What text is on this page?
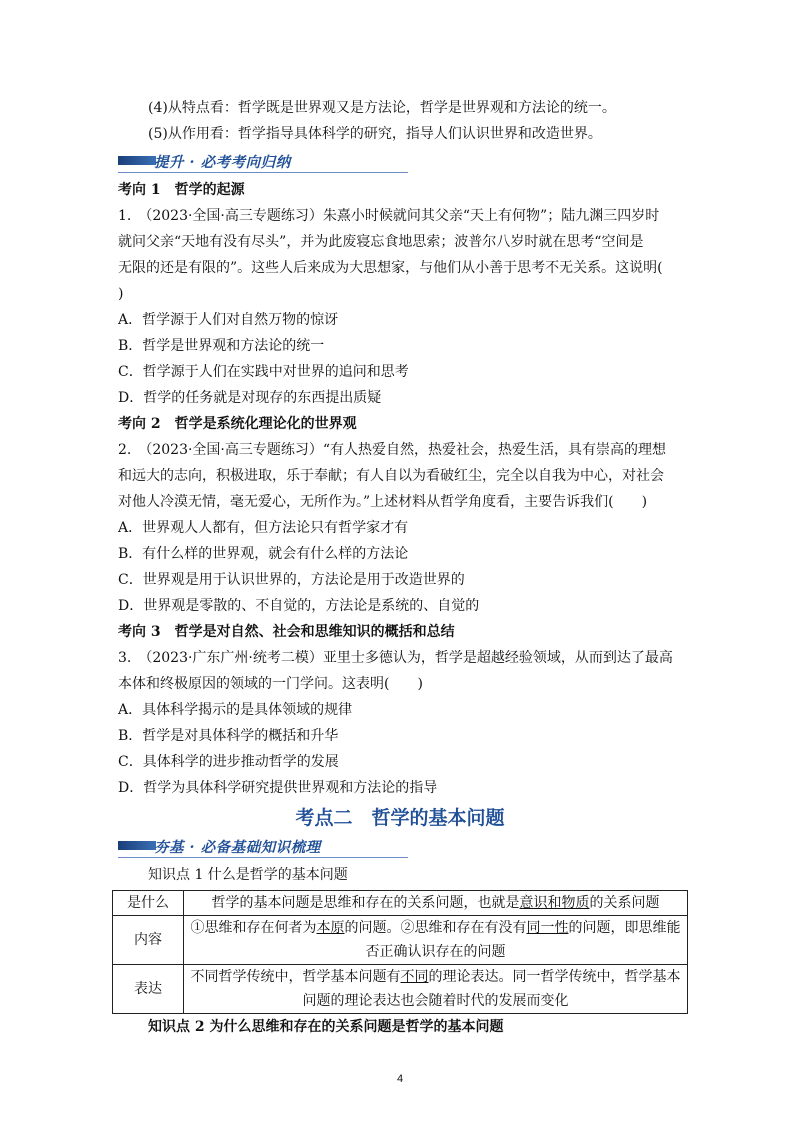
(4)从特点看：哲学既是世界观又是方法论，哲学是世界观和方法论的统一。
(5)从作用看：哲学指导具体科学的研究，指导人们认识世界和改造世界。
提升 · 必考考向归纳
考向 1　哲学的起源
1.　（2023·全国·高三专题练习）朱熹小时候就问其父亲“天上有何物”；陆九渊三四岁时
就问父亲“天地有没有尽头”，并为此废寝忘食地思索；波普尔八岁时就在思考“空间是
无限的还是有限的”。这些人后来成为大思想家，与他们从小善于思考不无关系。这说明(
)
A．哲学源于人们对自然万物的惊讶
B．哲学是世界观和方法论的统一
C．哲学源于人们在实践中对世界的追问和思考
D．哲学的任务就是对现存的东西提出质疑
考向 2　哲学是系统化理论化的世界观
2.　（2023·全国·高三专题练习）“有人热爱自然，热爱社会，热爱生活，具有崇高的理想
和远大的志向，积极进取，乐于奉献；有人自以为看破红尘，完全以自我为中心，对社会
对他人冷漠无情，毫无爱心，无所作为。”上述材料从哲学角度看，主要告诉我们(　　)
A．世界观人人都有，但方法论只有哲学家才有
B．有什么样的世界观，就会有什么样的方法论
C．世界观是用于认识世界的，方法论是用于改造世界的
D．世界观是零散的、不自觉的，方法论是系统的、自觉的
考向 3　哲学是对自然、社会和思维知识的概括和总结
3.　（2023·广东广州·统考二模）亚里士多德认为，哲学是超越经验领域，从而到达了最高
本体和终极原因的领域的一门学问。这表明(　　)
A．具体科学揭示的是具体领域的规律
B．哲学是对具体科学的概括和升华
C．具体科学的进步推动哲学的发展
D．哲学为具体科学研究提供世界观和方法论的指导
考点二　哲学的基本问题
夯基 · 必备基础知识梳理
知识点 1 什么是哲学的基本问题
是什么	哲学的基本问题是思维和存在的关系问题，也就是意识和物质的关系问题
内容	①思维和存在何者为本原的问题。②思维和存在有没有同一性的问题，即思维能
否正确认识存在的问题
表达	不同哲学传统中，哲学基本问题有不同的理论表达。同一哲学传统中，哲学基本
问题的理论表达也会随着时代的发展而变化
知识点 2 为什么思维和存在的关系问题是哲学的基本问题
4
